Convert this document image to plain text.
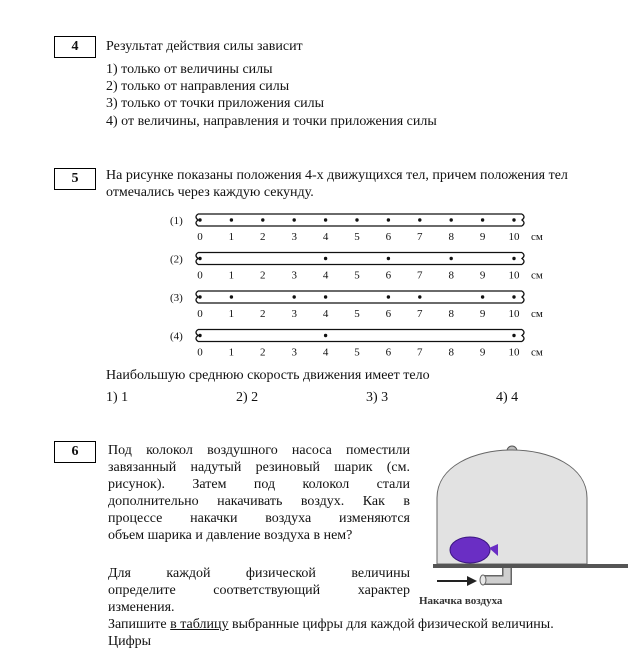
4	Результат действия силы зависит
1) только от величины силы
2) только от направления силы
3) только от точки приложения силы
4) от величины, направления и точки приложения силы
5	На рисунке показаны положения 4-х движущихся тел, причем положения тел
отмечались через каждую секунду.
(1)
0 1 2 3 4 5 6 7 8 9 10 см
(2)
0 1 2 3 4 5 6 7 8 9 10 см
(3)
0 1 2 3 4 5 6 7 8 9 10 см
(4)
0 1 2 3 4 5 6 7 8 9 10 см
Наибольшую среднюю скорость движения имеет тело
1) 1	2) 2	3) 3	4) 4
6	Под колокол воздушного насоса поместили
завязанный надутый резиновый шарик (см.
рисунок). Затем под колокол стали
дополнительно накачивать воздух. Как в
процессе накачки воздуха изменяются
объем шарика и давление воздуха в нем?
Для каждой физической величины
определите соответствующий характер
изменения.
Запишите в таблицу выбранные цифры для каждой физической величины.
Цифры
Накачка воздуха
